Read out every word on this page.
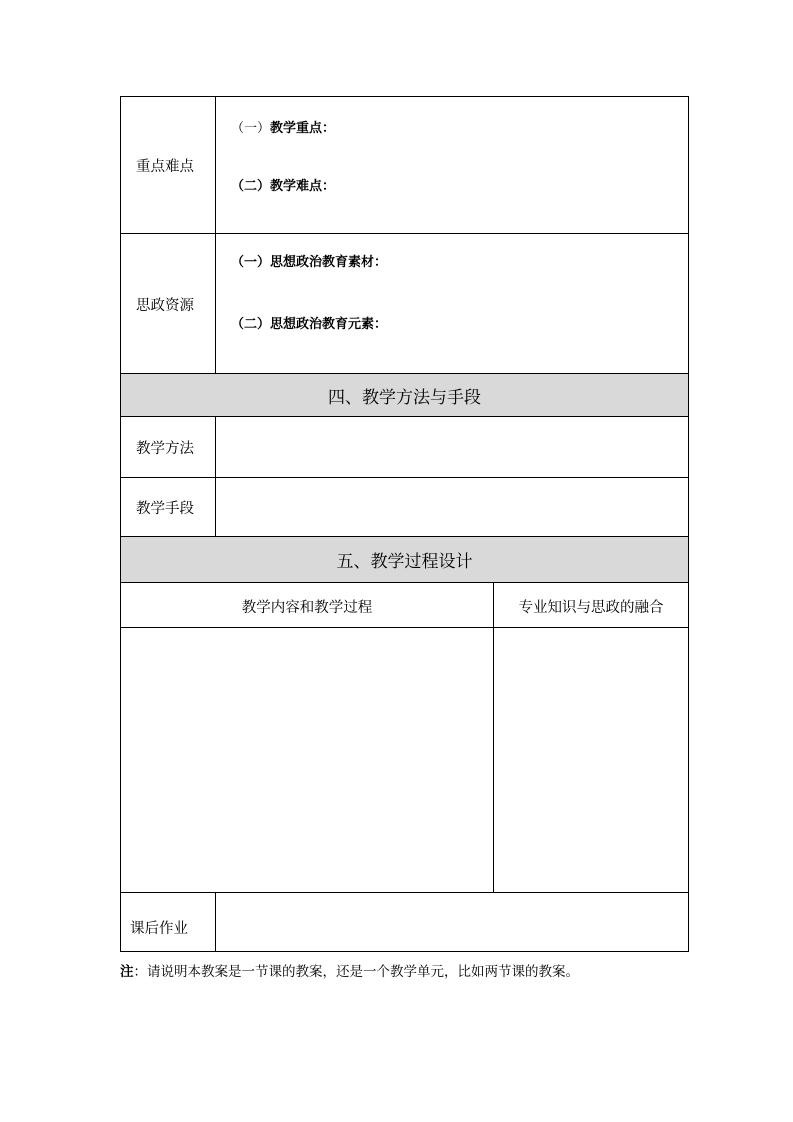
重点难点
（一）教学重点：
（二）教学难点：
思政资源
（一）思想政治教育素材：
（二）思想政治教育元素：
四、教学方法与手段
教学方法
教学手段
五、教学过程设计
教学内容和教学过程	专业知识与思政的融合
课后作业
注：请说明本教案是一节课的教案，还是一个教学单元，比如两节课的教案。
